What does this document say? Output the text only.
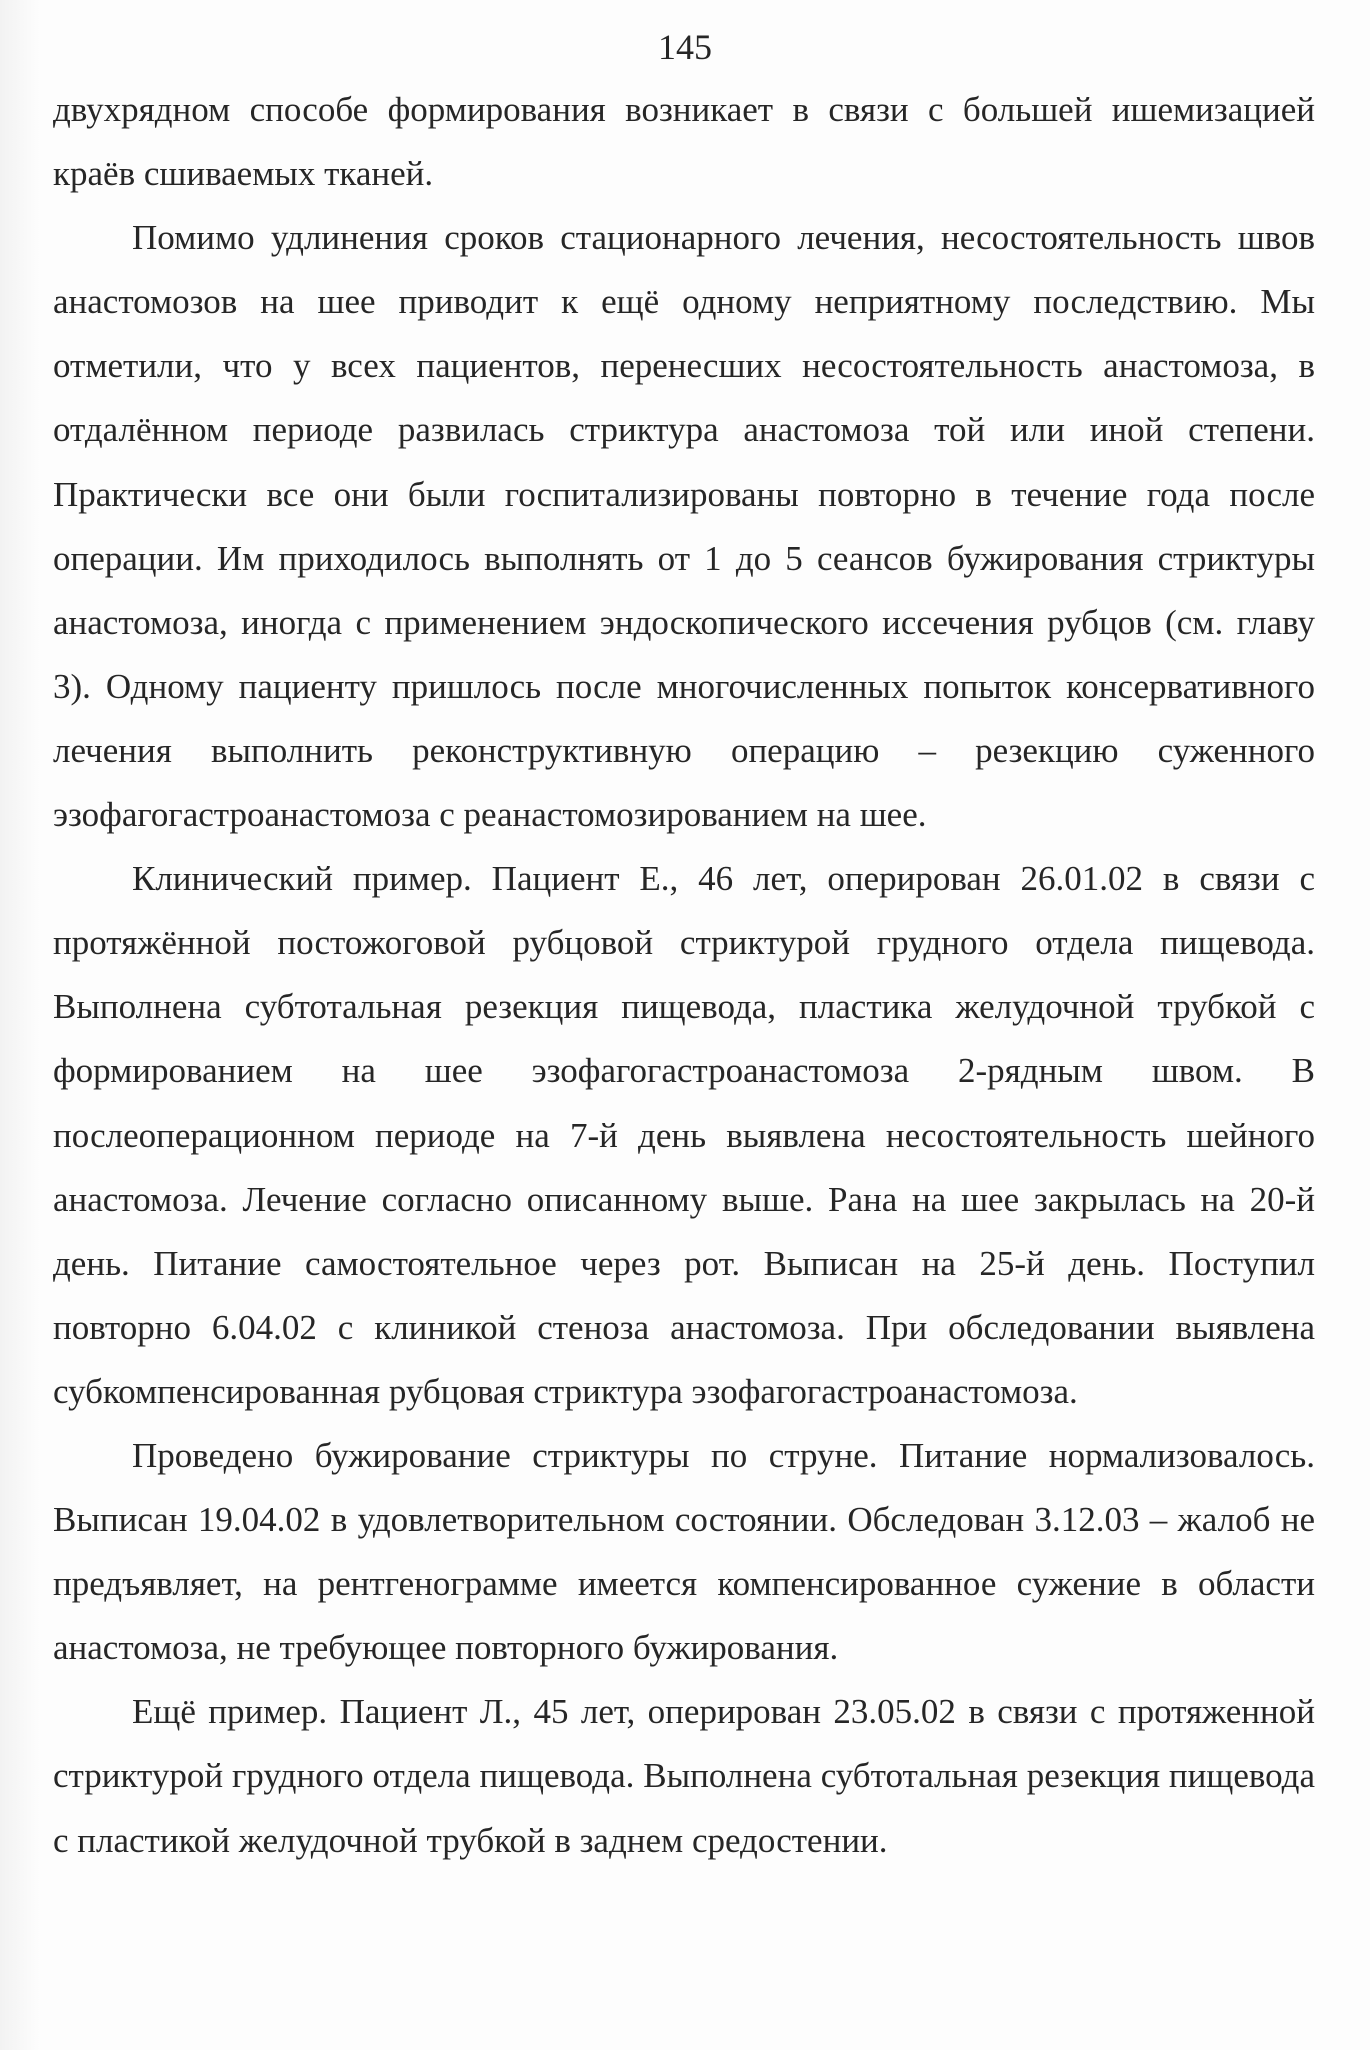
145

двухрядном способе формирования возникает в связи с большей ишемизацией краёв сшиваемых тканей.

Помимо удлинения сроков стационарного лечения, несостоятельность швов анастомозов на шее приводит к ещё одному неприятному последствию. Мы отметили, что у всех пациентов, перенесших несостоятельность анастомоза, в отдалённом периоде развилась стриктура анастомоза той или иной степени. Практически все они были госпитализированы повторно в течение года после операции. Им приходилось выполнять от 1 до 5 сеансов бужирования стриктуры анастомоза, иногда с применением эндоскопического иссечения рубцов (см. главу 3). Одному пациенту пришлось после многочисленных попыток консервативного лечения выполнить реконструктивную операцию – резекцию суженного эзофагогастроанастомоза с реанастомозированием на шее.

Клинический пример. Пациент Е., 46 лет, оперирован 26.01.02 в связи с протяжённой постожоговой рубцовой стриктурой грудного отдела пищевода. Выполнена субтотальная резекция пищевода, пластика желудочной трубкой с формированием на шее эзофагогастроанастомоза 2-рядным швом. В послеоперационном периоде на 7-й день выявлена несостоятельность шейного анастомоза. Лечение согласно описанному выше. Рана на шее закрылась на 20-й день. Питание самостоятельное через рот. Выписан на 25-й день. Поступил повторно 6.04.02 с клиникой стеноза анастомоза. При обследовании выявлена субкомпенсированная рубцовая стриктура эзофагогастроанастомоза.

Проведено бужирование стриктуры по струне. Питание нормализовалось. Выписан 19.04.02 в удовлетворительном состоянии. Обследован 3.12.03 – жалоб не предъявляет, на рентгенограмме имеется компенсированное сужение в области анастомоза, не требующее повторного бужирования.

Ещё пример. Пациент Л., 45 лет, оперирован 23.05.02 в связи с протяженной стриктурой грудного отдела пищевода. Выполнена субтотальная резекция пищевода с пластикой желудочной трубкой в заднем средостении.
